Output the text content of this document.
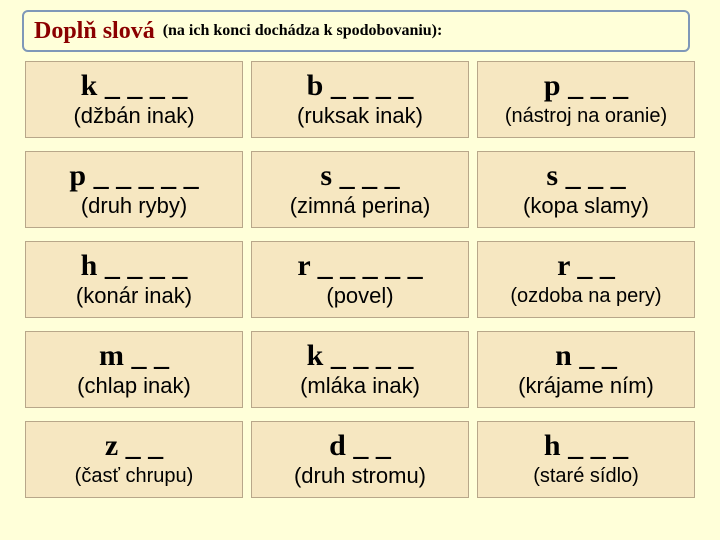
Doplň slová (na ich konci dochádza k spodobovaniu):
k _ _ _ _
(džbán inak)
b _ _ _ _
(ruksak inak)
p _ _ _
(nástroj na oranie)
p _ _ _ _ _
(druh ryby)
s _ _ _
(zimná perina)
s _ _ _
(kopa slamy)
h _ _ _ _
(konár inak)
r _ _ _ _ _
(povel)
r _ _
(ozdoba na pery)
m _ _
(chlap inak)
k _ _ _ _
(mláka inak)
n _ _
(krájame ním)
z _ _
(časť chrupu)
d _ _
(druh stromu)
h _ _ _
(staré sídlo)
